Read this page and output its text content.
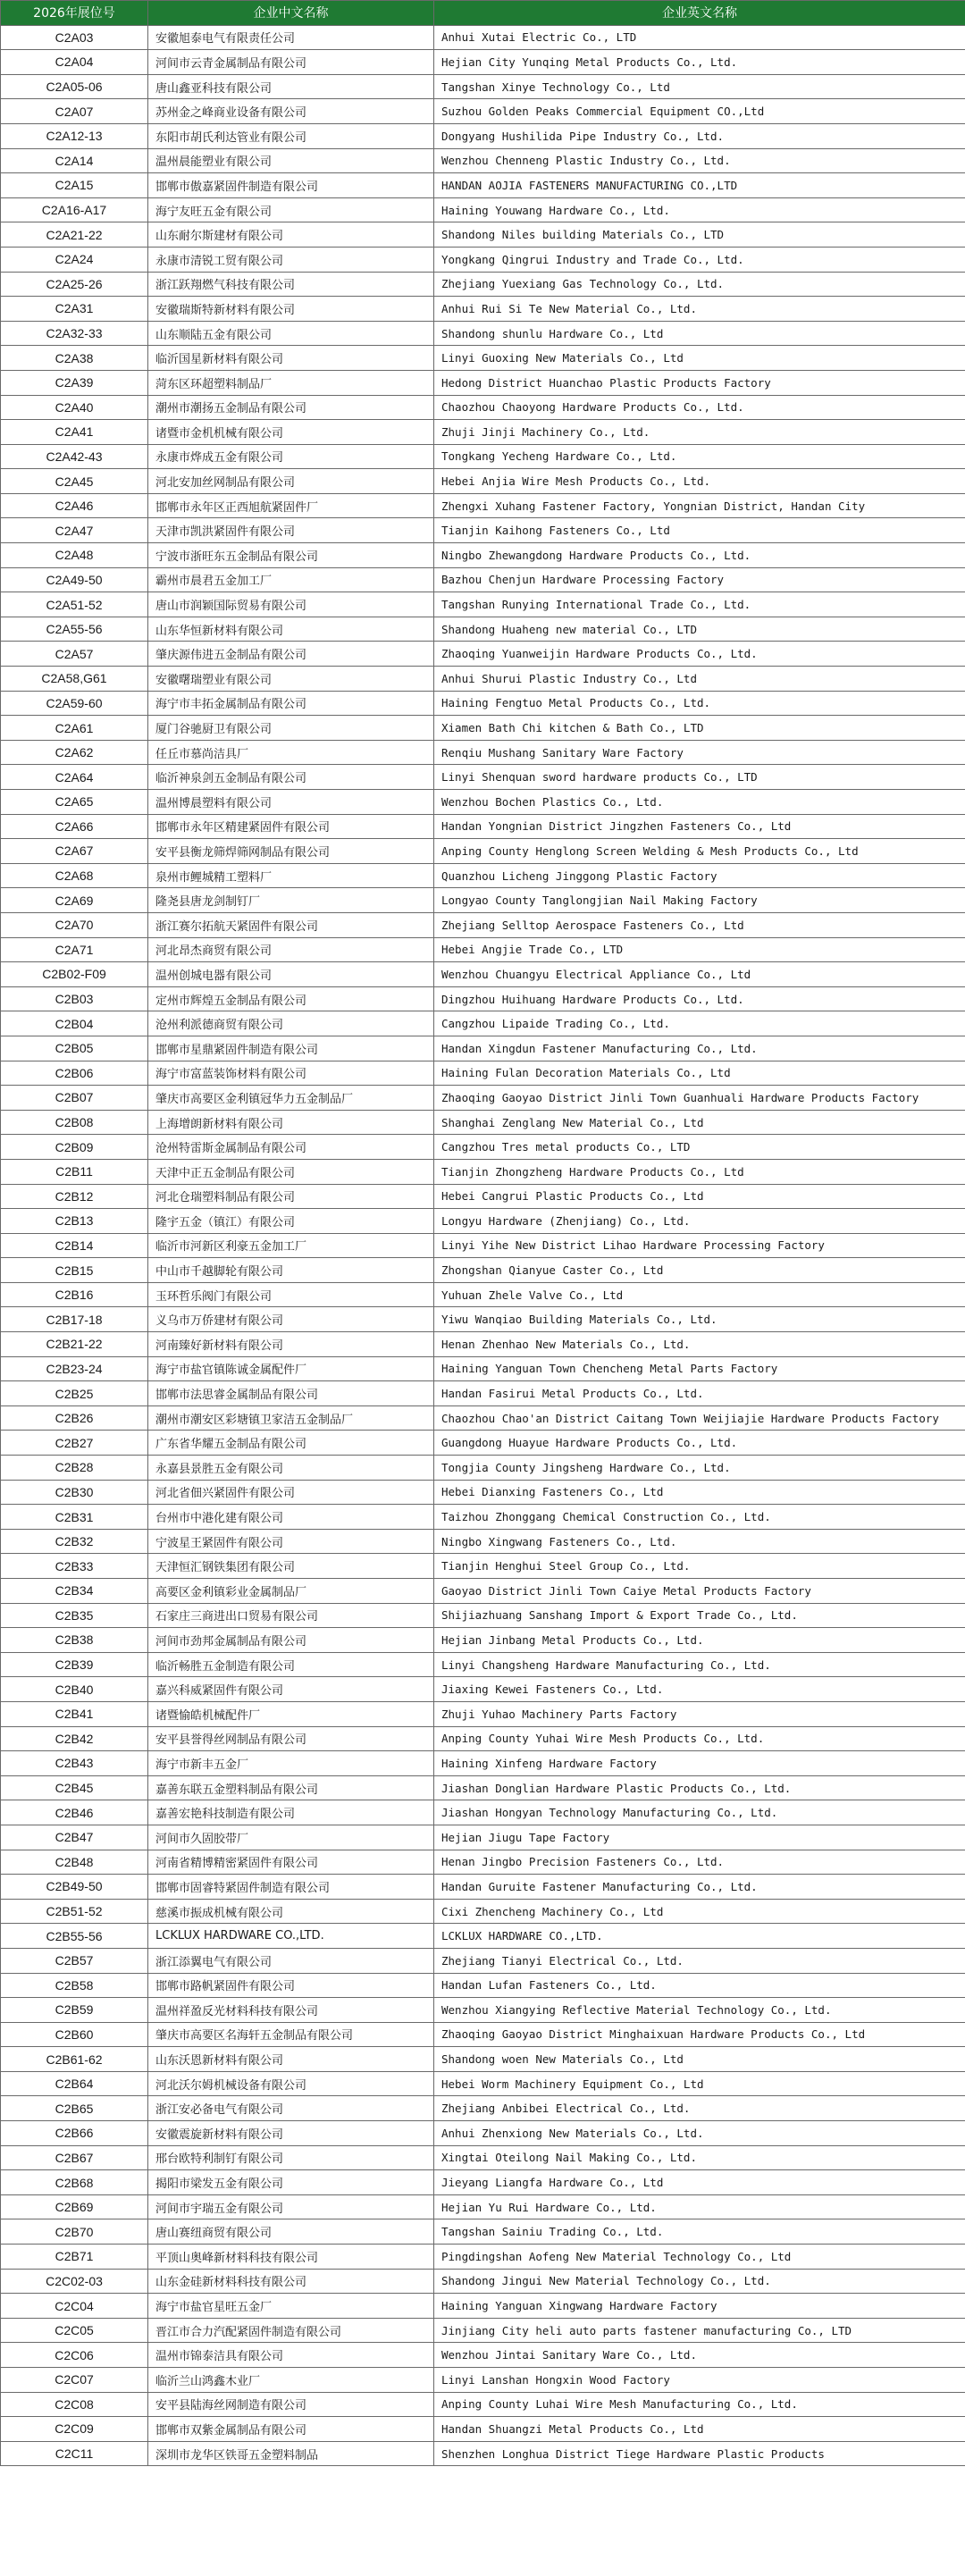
2026年展位号	企业中文名称	企业英文名称
C2A03	安徽旭泰电气有限责任公司	Anhui Xutai Electric Co., LTD
C2A04	河间市云青金属制品有限公司	Hejian City Yunqing Metal Products Co., Ltd.
C2A05-06	唐山鑫亚科技有限公司	Tangshan Xinye Technology Co., Ltd
C2A07	苏州金之峰商业设备有限公司	Suzhou Golden Peaks Commercial Equipment CO.,Ltd
C2A12-13	东阳市胡氏利达管业有限公司	Dongyang Hushilida Pipe Industry Co., Ltd.
C2A14	温州晨能塑业有限公司	Wenzhou Chenneng Plastic Industry Co., Ltd.
C2A15	邯郸市傲嘉紧固件制造有限公司	HANDAN AOJIA FASTENERS MANUFACTURING CO.,LTD
C2A16-A17	海宁友旺五金有限公司	Haining Youwang Hardware Co., Ltd.
C2A21-22	山东耐尔斯建材有限公司	Shandong Niles building Materials Co., LTD
C2A24	永康市清锐工贸有限公司	Yongkang Qingrui Industry and Trade Co., Ltd.
C2A25-26	浙江跃翔燃气科技有限公司	Zhejiang Yuexiang Gas Technology Co., Ltd.
C2A31	安徽瑞斯特新材料有限公司	Anhui Rui Si Te New Material Co., Ltd.
C2A32-33	山东顺陆五金有限公司	Shandong shunlu Hardware Co., Ltd
C2A38	临沂国星新材料有限公司	Linyi Guoxing New Materials Co., Ltd
C2A39	菏东区环超塑料制品厂	Hedong District Huanchao Plastic Products Factory
C2A40	潮州市潮扬五金制品有限公司	Chaozhou Chaoyong Hardware Products Co., Ltd.
C2A41	诸暨市金机机械有限公司	Zhuji Jinji Machinery Co., Ltd.
C2A42-43	永康市烨成五金有限公司	Tongkang Yecheng Hardware Co., Ltd.
C2A45	河北安加丝网制品有限公司	Hebei Anjia Wire Mesh Products Co., Ltd.
C2A46	邯郸市永年区正西旭航紧固件厂	Zhengxi Xuhang Fastener Factory, Yongnian District, Handan City
C2A47	天津市凯洪紧固件有限公司	Tianjin Kaihong Fasteners Co., Ltd
C2A48	宁波市浙旺东五金制品有限公司	Ningbo Zhewangdong Hardware Products Co., Ltd.
C2A49-50	霸州市晨君五金加工厂	Bazhou Chenjun Hardware Processing Factory
C2A51-52	唐山市润颖国际贸易有限公司	Tangshan Runying International Trade Co., Ltd.
C2A55-56	山东华恒新材料有限公司	Shandong Huaheng new material Co., LTD
C2A57	肇庆源伟进五金制品有限公司	Zhaoqing Yuanweijin Hardware Products Co., Ltd.
C2A58,G61	安徽曙瑞塑业有限公司	Anhui Shurui Plastic Industry Co., Ltd
C2A59-60	海宁市丰拓金属制品有限公司	Haining Fengtuo Metal Products Co., Ltd.
C2A61	厦门谷驰厨卫有限公司	Xiamen Bath Chi kitchen & Bath Co., LTD
C2A62	任丘市慕尚洁具厂	Renqiu Mushang Sanitary Ware Factory
C2A64	临沂神泉剑五金制品有限公司	Linyi Shenquan sword hardware products Co., LTD
C2A65	温州博晨塑料有限公司	Wenzhou Bochen Plastics Co., Ltd.
C2A66	邯郸市永年区精建紧固件有限公司	Handan Yongnian District Jingzhen Fasteners Co., Ltd
C2A67	安平县衡龙筛焊筛网制品有限公司	Anping County Henglong Screen Welding & Mesh Products Co., Ltd
C2A68	泉州市鲤城精工塑料厂	Quanzhou Licheng Jinggong Plastic Factory
C2A69	隆尧县唐龙剑制钉厂	Longyao County Tanglongjian Nail Making Factory
C2A70	浙江赛尔拓航天紧固件有限公司	Zhejiang Selltop Aerospace Fasteners Co., Ltd
C2A71	河北昂杰商贸有限公司	Hebei Angjie Trade Co., LTD
C2B02-F09	温州创城电器有限公司	Wenzhou Chuangyu Electrical Appliance Co., Ltd
C2B03	定州市辉煌五金制品有限公司	Dingzhou Huihuang Hardware Products Co., Ltd.
C2B04	沧州利派德商贸有限公司	Cangzhou Lipaide Trading Co., Ltd.
C2B05	邯郸市星鼎紧固件制造有限公司	Handan Xingdun Fastener Manufacturing Co., Ltd.
C2B06	海宁市富蓝装饰材料有限公司	Haining Fulan Decoration Materials Co., Ltd
C2B07	肇庆市高要区金利镇冠华力五金制品厂	Zhaoqing Gaoyao District Jinli Town Guanhuali Hardware Products Factory
C2B08	上海增朗新材料有限公司	Shanghai Zenglang New Material Co., Ltd
C2B09	沧州特雷斯金属制品有限公司	Cangzhou Tres metal products Co., LTD
C2B11	天津中正五金制品有限公司	Tianjin Zhongzheng Hardware Products Co., Ltd
C2B12	河北仓瑞塑料制品有限公司	Hebei Cangrui Plastic Products Co., Ltd
C2B13	隆宇五金（镇江）有限公司	Longyu Hardware (Zhenjiang) Co., Ltd.
C2B14	临沂市河新区利豪五金加工厂	Linyi Yihe New District Lihao Hardware Processing Factory
C2B15	中山市千越脚轮有限公司	Zhongshan Qianyue Caster Co., Ltd
C2B16	玉环哲乐阀门有限公司	Yuhuan Zhele Valve Co., Ltd
C2B17-18	义乌市万侨建材有限公司	Yiwu Wanqiao Building Materials Co., Ltd.
C2B21-22	河南臻好新材料有限公司	Henan Zhenhao New Materials Co., Ltd.
C2B23-24	海宁市盐官镇陈诚金属配件厂	Haining Yanguan Town Chencheng Metal Parts Factory
C2B25	邯郸市法思睿金属制品有限公司	Handan Fasirui Metal Products Co., Ltd.
C2B26	潮州市潮安区彩塘镇卫家洁五金制品厂	Chaozhou Chao'an District Caitang Town Weijiajie Hardware Products Factory
C2B27	广东省华耀五金制品有限公司	Guangdong Huayue Hardware Products Co., Ltd.
C2B28	永嘉县景胜五金有限公司	Tongjia County Jingsheng Hardware Co., Ltd.
C2B30	河北省佃兴紧固件有限公司	Hebei Dianxing Fasteners Co., Ltd
C2B31	台州市中港化建有限公司	Taizhou Zhonggang Chemical Construction Co., Ltd.
C2B32	宁波星王紧固件有限公司	Ningbo Xingwang Fasteners Co., Ltd.
C2B33	天津恒汇钢铁集团有限公司	Tianjin Henghui Steel Group Co., Ltd.
C2B34	高要区金利镇彩业金属制品厂	Gaoyao District Jinli Town Caiye Metal Products Factory
C2B35	石家庄三商进出口贸易有限公司	Shijiazhuang Sanshang Import & Export Trade Co., Ltd.
C2B38	河间市劲邦金属制品有限公司	Hejian Jinbang Metal Products Co., Ltd.
C2B39	临沂畅胜五金制造有限公司	Linyi Changsheng Hardware Manufacturing Co., Ltd.
C2B40	嘉兴科威紧固件有限公司	Jiaxing Kewei Fasteners Co., Ltd.
C2B41	诸暨愉皓机械配件厂	Zhuji Yuhao Machinery Parts Factory
C2B42	安平县誉得丝网制品有限公司	Anping County Yuhai Wire Mesh Products Co., Ltd.
C2B43	海宁市新丰五金厂	Haining Xinfeng Hardware Factory
C2B45	嘉善东联五金塑料制品有限公司	Jiashan Donglian Hardware Plastic Products Co., Ltd.
C2B46	嘉善宏艳科技制造有限公司	Jiashan Hongyan Technology Manufacturing Co., Ltd.
C2B47	河间市久固胶带厂	Hejian Jiugu Tape Factory
C2B48	河南省精博精密紧固件有限公司	Henan Jingbo Precision Fasteners Co., Ltd.
C2B49-50	邯郸市固睿特紧固件制造有限公司	Handan Guruite Fastener Manufacturing Co., Ltd.
C2B51-52	慈溪市振成机械有限公司	Cixi Zhencheng Machinery Co., Ltd
C2B55-56	LCKLUX HARDWARE CO.,LTD.	LCKLUX HARDWARE CO.,LTD.
C2B57	浙江添翼电气有限公司	Zhejiang Tianyi Electrical Co., Ltd.
C2B58	邯郸市路帆紧固件有限公司	Handan Lufan Fasteners Co., Ltd.
C2B59	温州祥盈反光材料科技有限公司	Wenzhou Xiangying Reflective Material Technology Co., Ltd.
C2B60	肇庆市高要区名海轩五金制品有限公司	Zhaoqing Gaoyao District Minghaixuan Hardware Products Co., Ltd
C2B61-62	山东沃恩新材料有限公司	Shandong woen New Materials Co., Ltd
C2B64	河北沃尔姆机械设备有限公司	Hebei Worm Machinery Equipment Co., Ltd
C2B65	浙江安必备电气有限公司	Zhejiang Anbibei Electrical Co., Ltd.
C2B66	安徽震旋新材料有限公司	Anhui Zhenxiong New Materials Co., Ltd.
C2B67	邢台欧特利制钉有限公司	Xingtai Oteilong Nail Making Co., Ltd.
C2B68	揭阳市梁发五金有限公司	Jieyang Liangfa Hardware Co., Ltd
C2B69	河间市宇瑞五金有限公司	Hejian Yu Rui Hardware Co., Ltd.
C2B70	唐山赛纽商贸有限公司	Tangshan Sainiu Trading Co., Ltd.
C2B71	平顶山奥峰新材料科技有限公司	Pingdingshan Aofeng New Material Technology Co., Ltd
C2C02-03	山东金硅新材料科技有限公司	Shandong Jingui New Material Technology Co., Ltd.
C2C04	海宁市盐官星旺五金厂	Haining Yanguan Xingwang Hardware Factory
C2C05	晋江市合力汽配紧固件制造有限公司	Jinjiang City heli auto parts fastener manufacturing Co., LTD
C2C06	温州市锦泰洁具有限公司	Wenzhou Jintai Sanitary Ware Co., Ltd.
C2C07	临沂兰山鸿鑫木业厂	Linyi Lanshan Hongxin Wood Factory
C2C08	安平县陆海丝网制造有限公司	Anping County Luhai Wire Mesh Manufacturing Co., Ltd.
C2C09	邯郸市双紫金属制品有限公司	Handan Shuangzi Metal Products Co., Ltd
C2C11	深圳市龙华区铁哥五金塑料制品	Shenzhen Longhua District Tiege Hardware Plastic Products
